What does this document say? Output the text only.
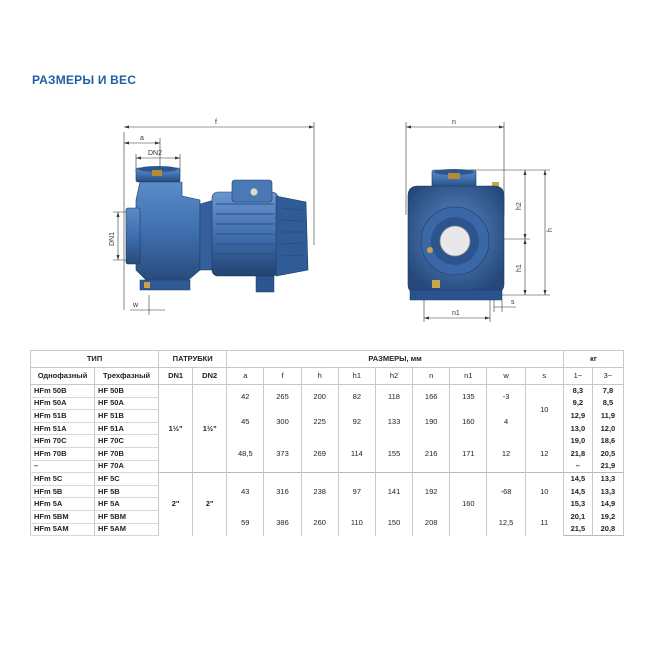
РАЗМЕРЫ И ВЕС
f
a
DN2
DN1
w
n
h
h2
h1
n1
s
ТИП		ПАТРУБКИ		РАЗМЕРЫ, мм									кг	
Однофазный	Трехфазный	DN1	DN2	a	f	h	h1	h2	n	n1	w	s	1~	3~
HFm 50B	HF 50B	1½"	1½"	42	265	200	82	118	166	135	-3	10	8,3	7,8
HFm 50A	HF 50A												9,2	8,5
HFm 51B	HF 51B			45	300	225	92	133	190	160	4		12,9	11,9
HFm 51A	HF 51A												13,0	12,0
HFm 70C	HF 70C			48,5	373	269	114	155	216	171	12	12	19,0	18,6
HFm 70B	HF 70B												21,8	20,5
–	HF 70A												–	21,9
HFm 5C	HF 5C	2"	2"	43	316	238	97	141	192	160	-68	10	14,5	13,3
HFm 5B	HF 5B												14,5	13,3
HFm 5A	HF 5A												15,3	14,9
HFm 5BM	HF 5BM			59	386	260	110	150	208		12,5	11	20,1	19,2
HFm 5AM	HF 5AM												21,5	20,8
